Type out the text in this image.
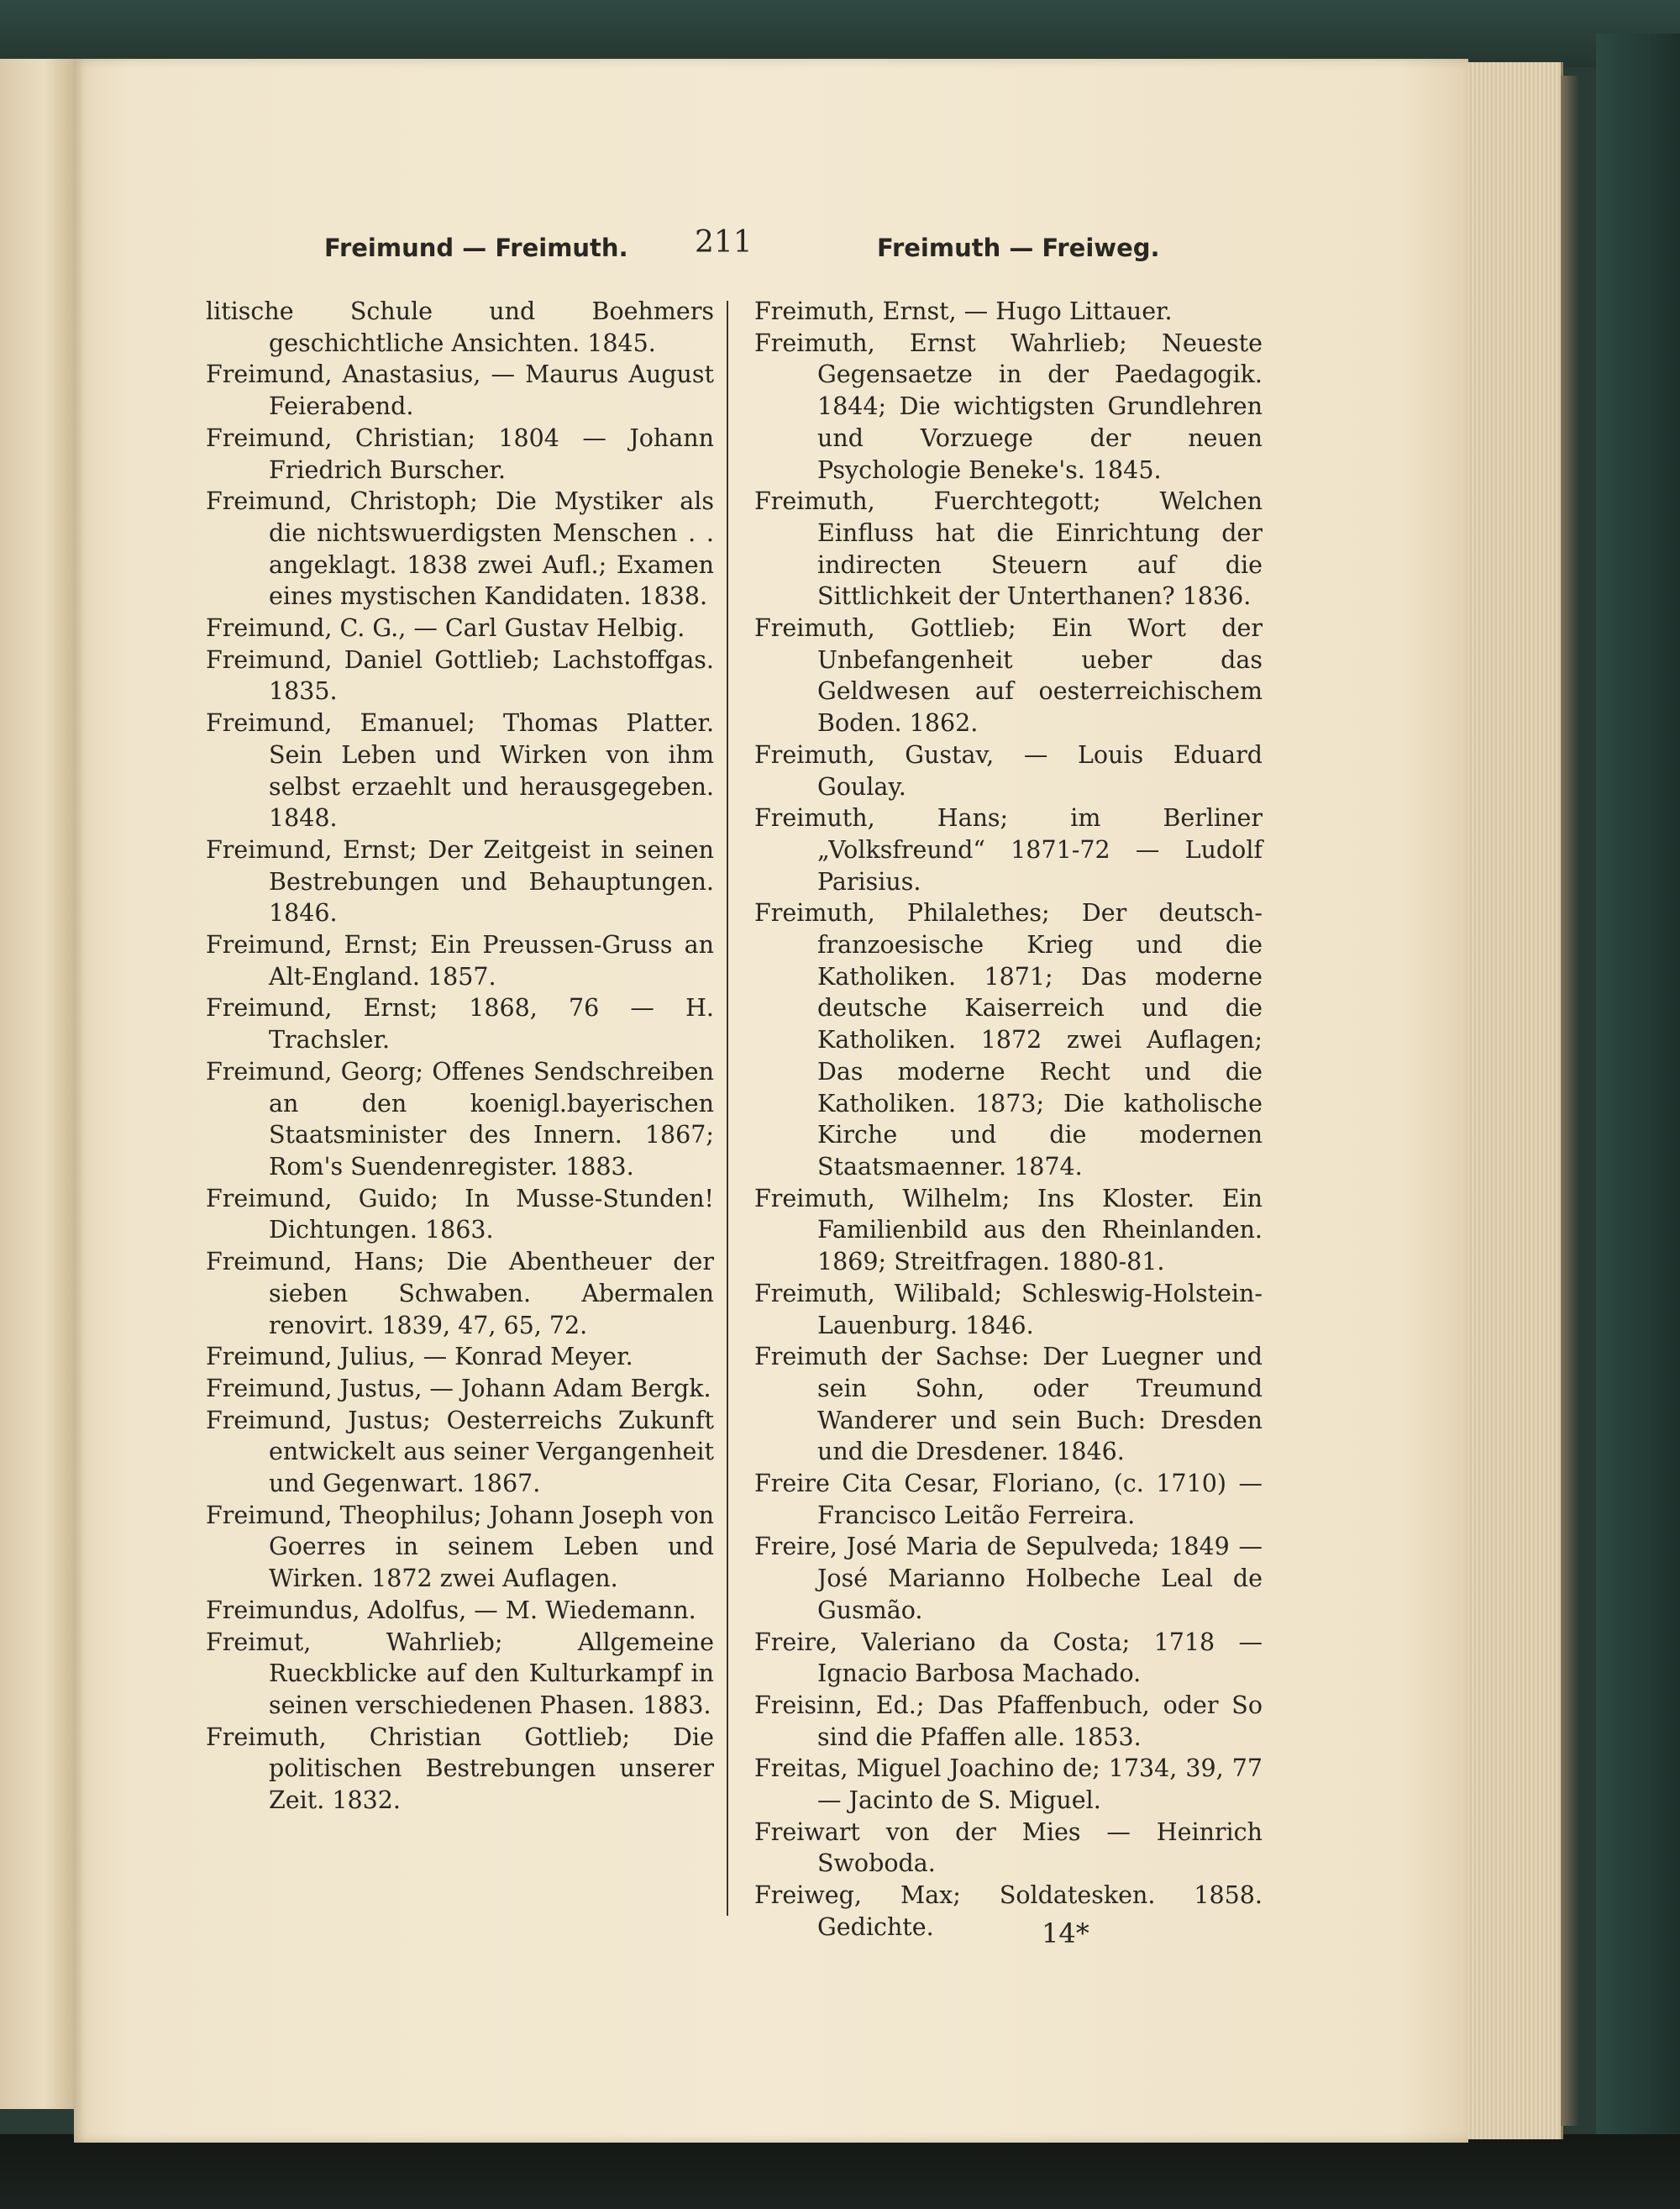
Freimund — Freimuth. 211	Freimuth — Freiweg.

litische Schule und Boehmers geschichtliche Ansichten. 1845.

Freimund, Anastasius, — Maurus August Feierabend.

Freimund, Christian; 1804 — Johann Friedrich Burscher.

Freimund, Christoph; Die Mystiker als die nichtswuerdigsten Menschen . . angeklagt. 1838 zwei Aufl.; Examen eines mystischen Kandidaten. 1838.

Freimund, C. G., — Carl Gustav Helbig.

Freimund, Daniel Gottlieb; Lachstoffgas. 1835.

Freimund, Emanuel; Thomas Platter. Sein Leben und Wirken von ihm selbst erzaehlt und herausgegeben. 1848.

Freimund, Ernst; Der Zeitgeist in seinen Bestrebungen und Behauptungen. 1846.

Freimund, Ernst; Ein Preussen-Gruss an Alt-England. 1857.

Freimund, Ernst; 1868, 76 — H. Trachsler.

Freimund, Georg; Offenes Sendschreiben an den koenigl.bayerischen Staatsminister des Innern. 1867; Rom's Suendenregister. 1883.

Freimund, Guido; In Musse-Stunden! Dichtungen. 1863.

Freimund, Hans; Die Abentheuer der sieben Schwaben. Abermalen renovirt. 1839, 47, 65, 72.

Freimund, Julius, — Konrad Meyer.

Freimund, Justus, — Johann Adam Bergk.

Freimund, Justus; Oesterreichs Zukunft entwickelt aus seiner Vergangenheit und Gegenwart. 1867.

Freimund, Theophilus; Johann Joseph von Goerres in seinem Leben und Wirken. 1872 zwei Auflagen.

Freimundus, Adolfus, — M. Wiedemann.

Freimut, Wahrlieb; Allgemeine Rueckblicke auf den Kulturkampf in seinen verschiedenen Phasen. 1883.

Freimuth, Christian Gottlieb; Die politischen Bestrebungen unserer Zeit. 1832.

Freimuth, Ernst, — Hugo Littauer.

Freimuth, Ernst Wahrlieb; Neueste Gegensaetze in der Paedagogik. 1844; Die wichtigsten Grundlehren und Vorzuege der neuen Psychologie Beneke's. 1845.

Freimuth, Fuerchtegott; Welchen Einfluss hat die Einrichtung der indirecten Steuern auf die Sittlichkeit der Unterthanen? 1836.

Freimuth, Gottlieb; Ein Wort der Unbefangenheit ueber das Geldwesen auf oesterreichischem Boden. 1862.

Freimuth, Gustav, — Louis Eduard Goulay.

Freimuth, Hans; im Berliner „Volksfreund“ 1871-72 — Ludolf Parisius.

Freimuth, Philalethes; Der deutsch-franzoesische Krieg und die Katholiken. 1871; Das moderne deutsche Kaiserreich und die Katholiken. 1872 zwei Auflagen; Das moderne Recht und die Katholiken. 1873; Die katholische Kirche und die modernen Staatsmaenner. 1874.

Freimuth, Wilhelm; Ins Kloster. Ein Familienbild aus den Rheinlanden. 1869; Streitfragen. 1880-81.

Freimuth, Wilibald; Schleswig-Holstein-Lauenburg. 1846.

Freimuth der Sachse: Der Luegner und sein Sohn, oder Treumund Wanderer und sein Buch: Dresden und die Dresdener. 1846.

Freire Cita Cesar, Floriano, (c. 1710) — Francisco Leitão Ferreira.

Freire, José Maria de Sepulveda; 1849 — José Marianno Holbeche Leal de Gusmão.

Freire, Valeriano da Costa; 1718 — Ignacio Barbosa Machado.

Freisinn, Ed.; Das Pfaffenbuch, oder So sind die Pfaffen alle. 1853.

Freitas, Miguel Joachino de; 1734, 39, 77 — Jacinto de S. Miguel.

Freiwart von der Mies — Heinrich Swoboda.

Freiweg, Max; Soldatesken. 1858. Gedichte.	14*
